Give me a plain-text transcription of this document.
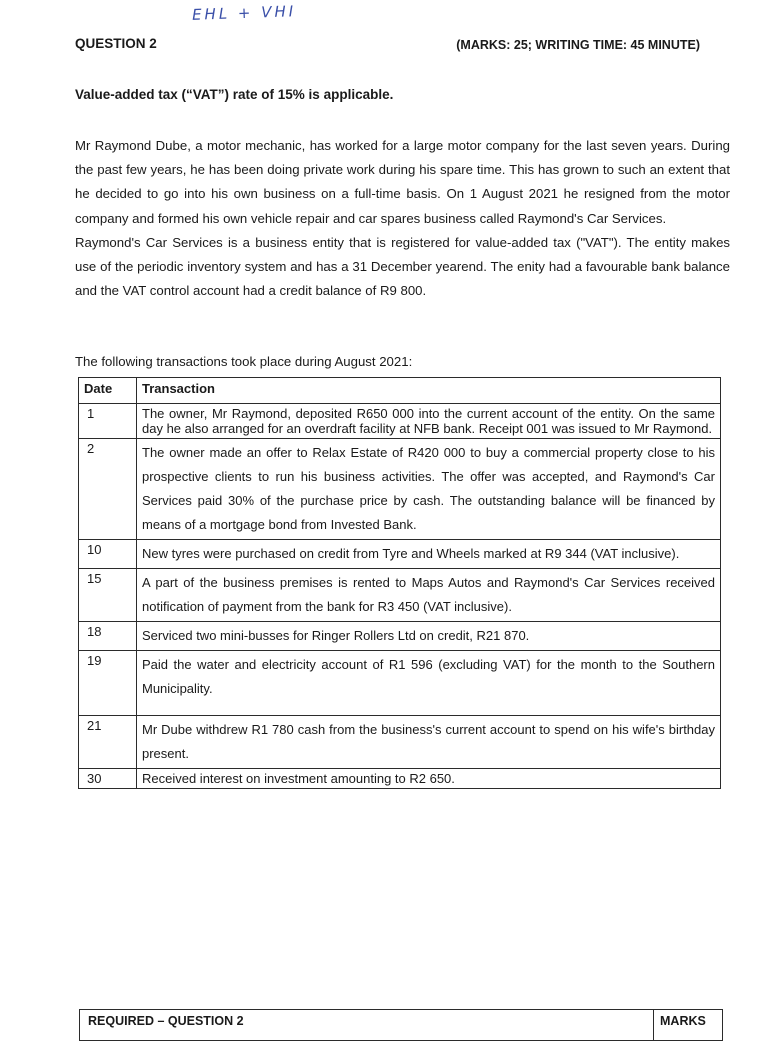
EHL + VHI
QUESTION 2	(MARKS: 25; WRITING TIME: 45 MINUTE)
Value-added tax (“VAT”) rate of 15% is applicable.

Mr Raymond Dube, a motor mechanic, has worked for a large motor company for the last seven years. During the past few years, he has been doing private work during his spare time. This has grown to such an extent that he decided to go into his own business on a full-time basis. On 1 August 2021 he resigned from the motor company and formed his own vehicle repair and car spares business called Raymond's Car Services.

Raymond's Car Services is a business entity that is registered for value-added tax ("VAT"). The entity makes use of the periodic inventory system and has a 31 December yearend. The enity had a favourable bank balance and the VAT control account had a credit balance of R9 800.

The following transactions took place during August 2021:
Date	Transaction
1	The owner, Mr Raymond, deposited R650 000 into the current account of the entity. On the same day he also arranged for an overdraft facility at NFB bank. Receipt 001 was issued to Mr Raymond.
2	The owner made an offer to Relax Estate of R420 000 to buy a commercial property close to his prospective clients to run his business activities. The offer was accepted, and Raymond's Car Services paid 30% of the purchase price by cash. The outstanding balance will be financed by means of a mortgage bond from Invested Bank.
10	New tyres were purchased on credit from Tyre and Wheels marked at R9 344 (VAT inclusive).
15	A part of the business premises is rented to Maps Autos and Raymond's Car Services received notification of payment from the bank for R3 450 (VAT inclusive).
18	Serviced two mini-busses for Ringer Rollers Ltd on credit, R21 870.
19	Paid the water and electricity account of R1 596 (excluding VAT) for the month to the Southern Municipality.
21	Mr Dube withdrew R1 780 cash from the business's current account to spend on his wife's birthday present.
30	Received interest on investment amounting to R2 650.
REQUIRED – QUESTION 2	MARKS
